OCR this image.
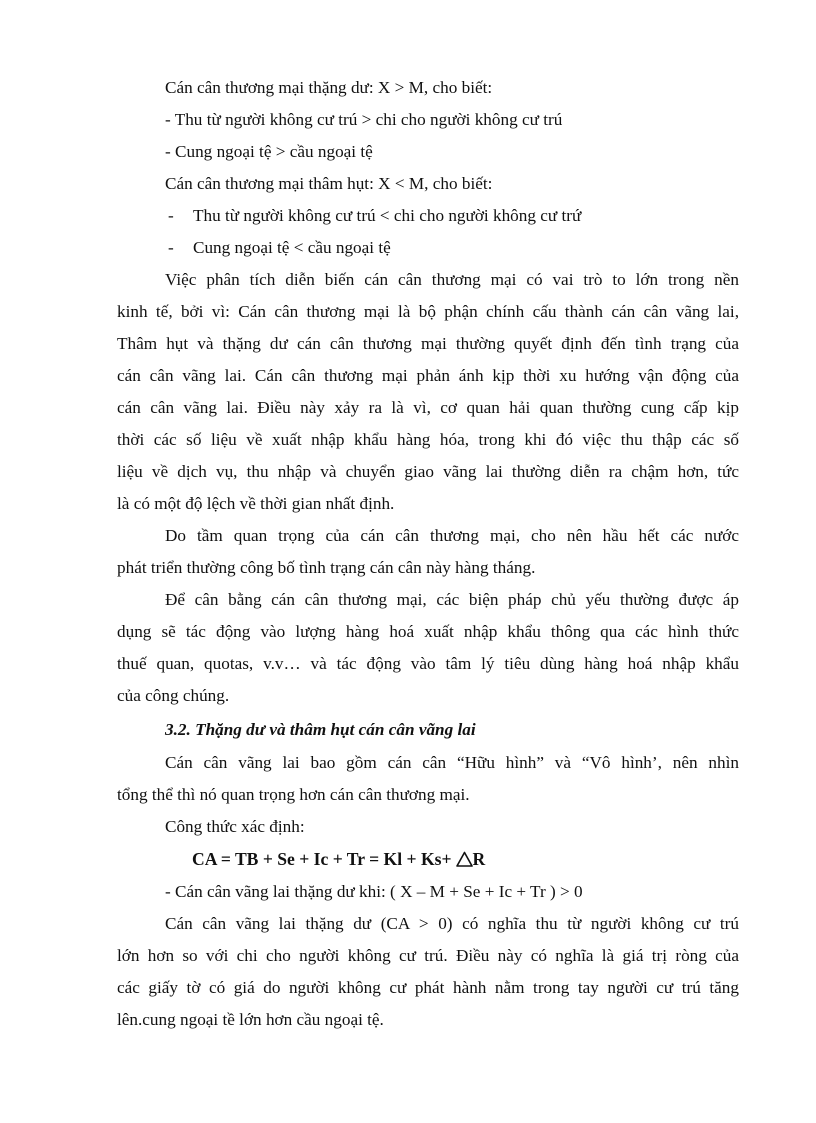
Cán cân thương mại thặng dư: X > M, cho biết:
- Thu từ người không cư trú > chi cho người không cư trú
- Cung ngoại tệ > cầu ngoại tệ
Cán cân thương mại thâm hụt: X < M, cho biết:
- Thu từ người không cư trú < chi cho người không cư trứ
- Cung ngoại tệ < cầu ngoại tệ
Việc phân tích diễn biến cán cân thương mại có vai trò to lớn trong nền
kinh tế, bởi vì: Cán cân thương mại là bộ phận chính cấu thành cán cân vãng lai,
Thâm hụt và thặng dư cán cân thương mại thường quyết định đến tình trạng của
cán cân vãng lai. Cán cân thương mại phản ánh kịp thời xu hướng vận động của
cán cân vãng lai. Điều này xảy ra là vì, cơ quan hải quan thường cung cấp kịp
thời các số liệu về xuất nhập khẩu hàng hóa, trong khi đó việc thu thập các số
liệu về dịch vụ, thu nhập và chuyển giao vãng lai thường diễn ra chậm hơn, tức
là có một độ lệch về thời gian nhất định.
Do tầm quan trọng của cán cân thương mại, cho nên hầu hết các nước
phát triển thường công bố tình trạng cán cân này hàng tháng.
Để cân bằng cán cân thương mại, các biện pháp chủ yếu thường được áp
dụng sẽ tác động vào lượng hàng hoá xuất nhập khẩu thông qua các hình thức
thuế quan, quotas, v.v… và tác động vào tâm lý tiêu dùng hàng hoá nhập khẩu
của công chúng.
3.2. Thặng dư và thâm hụt cán cân vãng lai
Cán cân vãng lai bao gồm cán cân “Hữu hình” và “Vô hình’, nên nhìn
tổng thể thì nó quan trọng hơn cán cân thương mại.
Công thức xác định:
CA = TB + Se + Ic + Tr = Kl + Ks+ R
- Cán cân vãng lai thặng dư khi: ( X – M + Se + Ic + Tr ) > 0
Cán cân vãng lai thặng dư (CA > 0) có nghĩa thu từ người không cư trú
lớn hơn so với chi cho người không cư trú. Điều này có nghĩa là giá trị ròng của
các giấy tờ có giá do người không cư phát hành nằm trong tay người cư trú tăng
lên.cung ngoại tề lớn hơn cầu ngoại tệ.
